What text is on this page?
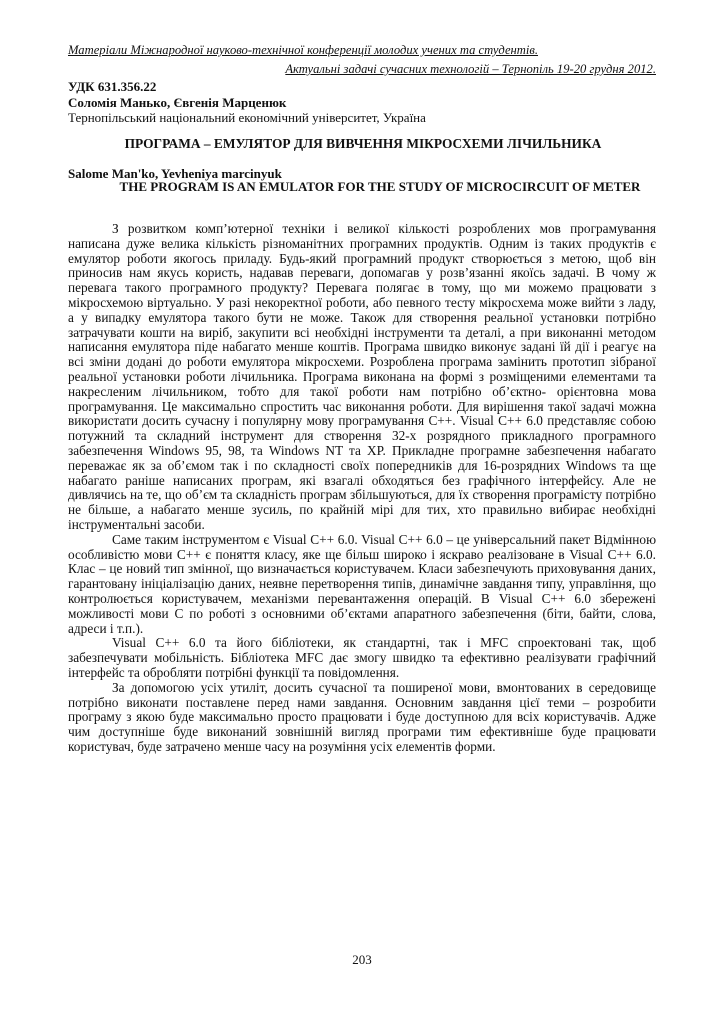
Матеріали Міжнародної науково-технічної конференції молодих учених та студентів.
Актуальні задачі сучасних технологій – Тернопіль 19-20 грудня 2012.
УДК 631.356.22
Соломія Манько, Євгенія Марценюк
Тернопільський національний економічний університет, Україна
ПРОГРАМА – ЕМУЛЯТОР ДЛЯ ВИВЧЕННЯ МІКРОСХЕМИ ЛІЧИЛЬНИКА
Salome Man'ko, Yevheniya marcinyuk
THE PROGRAM IS AN EMULATOR FOR THE STUDY OF MICROCIRCUIT OF METER

З розвитком комп’ютерної техніки і великої кількості розроблених мов програмування написана дуже велика кількість різноманітних програмних продуктів. Одним із таких продуктів є емулятор роботи якогось приладу. Будь-який програмний продукт створюється з метою, щоб він приносив нам якусь користь, надавав переваги, допомагав у розв’язанні якоїсь задачі. В чому ж перевага такого програмного продукту? Перевага полягає в тому, що ми можемо працювати з мікросхемою віртуально. У разі некоректної роботи, або певного тесту мікросхема може вийти з ладу, а у випадку емулятора такого бути не може. Також для створення реальної установки потрібно затрачувати кошти на виріб, закупити всі необхідні інструменти та деталі, а при виконанні методом написання емулятора піде набагато менше коштів. Програма швидко виконує задані їй дії і реагує на всі зміни додані до роботи емулятора мікросхеми. Розроблена програма замінить прототип зібраної реальної установки роботи лічильника. Програма виконана на формі з розміщеними елементами та накресленим лічильником, тобто для такої роботи нам потрібно об’єктно- орієнтовна мова програмування. Це максимально спростить час виконання роботи. Для вирішення такої задачі можна використати досить сучасну і популярну мову програмування С++. Visual C++ 6.0 представляє собою потужний та складний інструмент для створення 32-х розрядного прикладного програмного забезпечення Windows 95, 98, та Windows NT та XP. Прикладне програмне забезпечення набагато переважає як за об’ємом так і по складності своїх попередників для 16-розрядних Windows та ще набагато раніше написаних програм, які взагалі обходяться без графічного інтерфейсу. Але не дивлячись на те, що об’єм та складність програм збільшуються, для їх створення програмісту потрібно не більше, а набагато менше зусиль, по крайній мірі для тих, хто правильно вибирає необхідні інструментальні засоби.

Саме таким інструментом є Visual C++ 6.0. Visual C++ 6.0 – це універсальний пакет Відмінною особливістю мови С++ є поняття класу, яке ще більш широко і яскраво реалізоване в Visual C++ 6.0. Клас – це новий тип змінної, що визначається користувачем. Класи забезпечують приховування даних, гарантовану ініціалізацію даних, неявне перетворення типів, динамічне завдання типу, управління, що контролюється користувачем, механізми перевантаження операцій. В Visual C++ 6.0 збережені можливості мови С по роботі з основними об’єктами апаратного забезпечення (біти, байти, слова, адреси і т.п.).

Visual C++ 6.0 та його бібліотеки, як стандартні, так і MFC спроектовані так, щоб забезпечувати мобільність. Бібліотека MFC дає змогу швидко та ефективно реалізувати графічний інтерфейс та обробляти потрібні функції та повідомлення.

За допомогою усіх утиліт, досить сучасної та поширеної мови, вмонтованих в середовище потрібно виконати поставлене перед нами завдання. Основним завдання цієї теми – розробити програму з якою буде максимально просто працювати і буде доступною для всіх користувачів. Адже чим доступніше буде виконаний зовнішній вигляд програми тим ефективніше буде працювати користувач, буде затрачено менше часу на розуміння усіх елементів форми.

203
